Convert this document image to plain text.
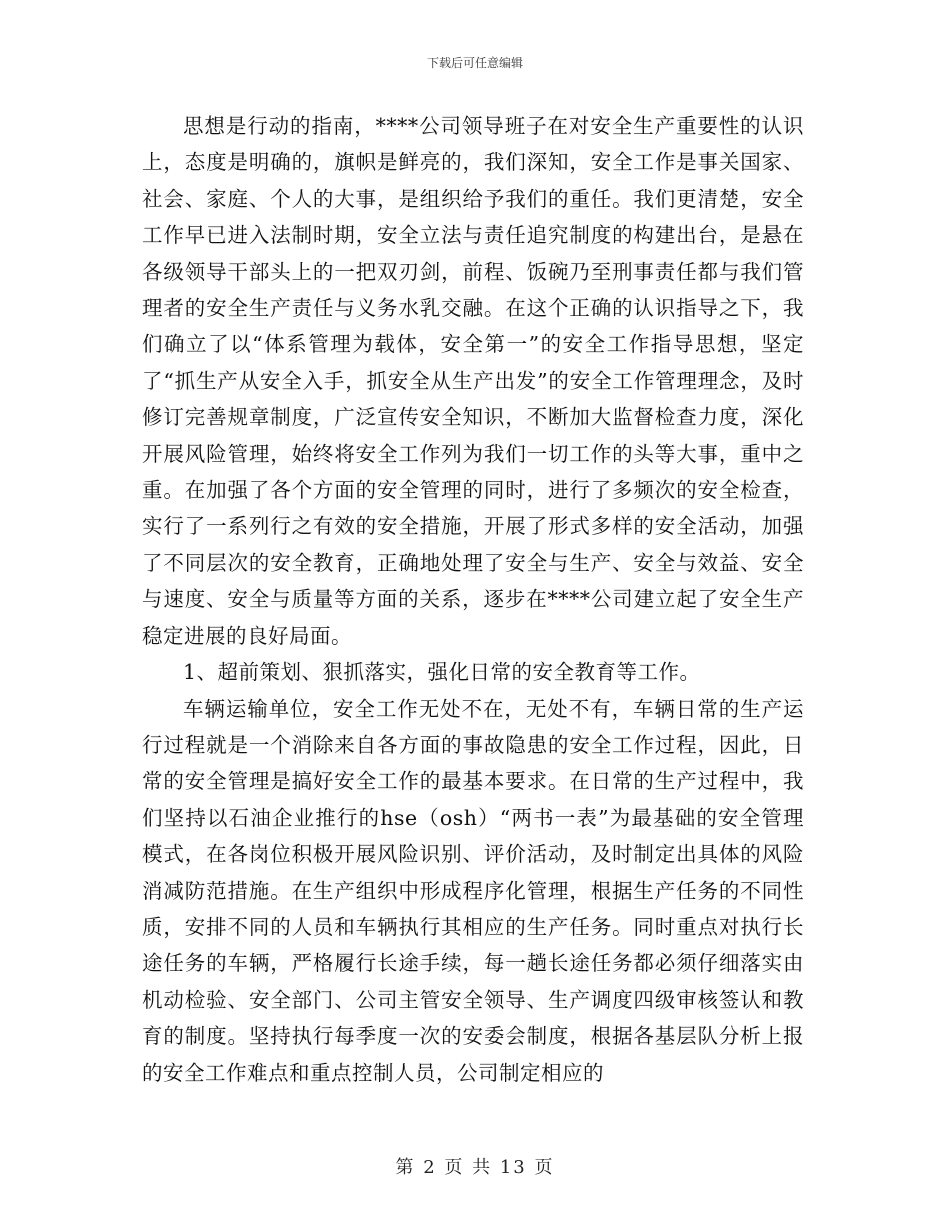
下载后可任意编辑

思想是行动的指南，****公司领导班子在对安全生产重要性的认识上，态度是明确的，旗帜是鲜亮的，我们深知，安全工作是事关国家、社会、家庭、个人的大事，是组织给予我们的重任。我们更清楚，安全工作早已进入法制时期，安全立法与责任追究制度的构建出台，是悬在各级领导干部头上的一把双刃剑，前程、饭碗乃至刑事责任都与我们管理者的安全生产责任与义务水乳交融。在这个正确的认识指导之下，我们确立了以“体系管理为载体，安全第一”的安全工作指导思想，坚定了“抓生产从安全入手，抓安全从生产出发”的安全工作管理理念，及时修订完善规章制度，广泛宣传安全知识，不断加大监督检查力度，深化开展风险管理，始终将安全工作列为我们一切工作的头等大事，重中之重。在加强了各个方面的安全管理的同时，进行了多频次的安全检查，实行了一系列行之有效的安全措施，开展了形式多样的安全活动，加强了不同层次的安全教育，正确地处理了安全与生产、安全与效益、安全与速度、安全与质量等方面的关系，逐步在****公司建立起了安全生产稳定进展的良好局面。

1、超前策划、狠抓落实，强化日常的安全教育等工作。

车辆运输单位，安全工作无处不在，无处不有，车辆日常的生产运行过程就是一个消除来自各方面的事故隐患的安全工作过程，因此，日常的安全管理是搞好安全工作的最基本要求。在日常的生产过程中，我们坚持以石油企业推行的hse（osh）“两书一表”为最基础的安全管理模式，在各岗位积极开展风险识别、评价活动，及时制定出具体的风险消减防范措施。在生产组织中形成程序化管理，根据生产任务的不同性质，安排不同的人员和车辆执行其相应的生产任务。同时重点对执行长途任务的车辆，严格履行长途手续，每一趟长途任务都必须仔细落实由机动检验、安全部门、公司主管安全领导、生产调度四级审核签认和教育的制度。坚持执行每季度一次的安委会制度，根据各基层队分析上报的安全工作难点和重点控制人员，公司制定相应的

第 2 页 共 13 页
